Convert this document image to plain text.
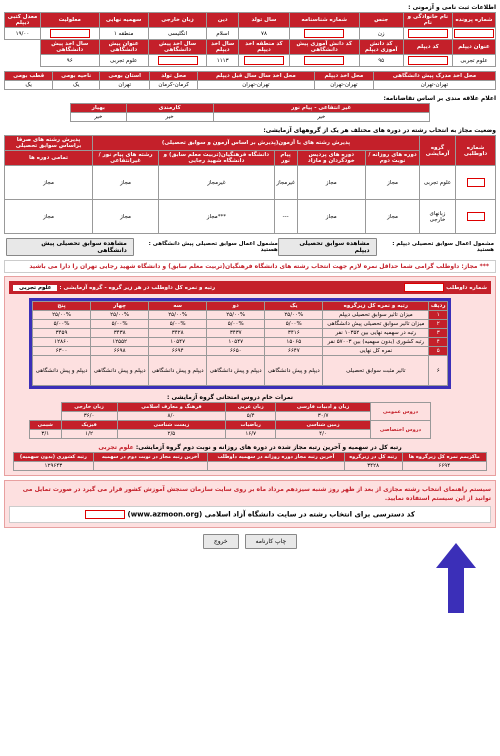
اطلاعات ثبت نامی و آزمونی :
شماره پرونده	نام خانوادگی و نام	جنس	شماره شناسنامه	سال تولد	دین	زبان خارجی	سهمیه نهایی	معلولیت	معدل کتبی دیپلم
		زن		۷۸	اسلام	انگلیسی	منطقه ۱		۱۹/۰۰
عنوان دیپلم	کد دیپلم	کد دانش آموزی دیپلم	کد دانش آموزی پیش دانشگاهی	کد منطقه اخذ دیپلم	سال اخذ دیپلم	سال اخذ پیش دانشگاهی	عنوان پیش دانشگاهی	سال اخذ پیش دانشگاهی	
علوم تجربی		۹۵			۱۱۱۳		علوم تجربی	۹۶	
محل اخذ مدرک پیش دانشگاهی	محل اخذ دیپلم	محل اخذ سال سال قبل دیپلم	محل تولد	استان بومی	ناحیه بومی	قطب بومی
تهران-تهران	تهران-تهران	تهران-تهران	کرمان-کرمان	تهران	یک	یک
اعلام علاقه مندی بر اساس تقاضانامه:
غیر انتفاعی - پیام نور	کارمندی	بهیار
خیر	خیر	خیر
وضعیت مجاز به انتخاب رشته در دوره های مختلف هر یک از گروههای آزمایشی:
شماره داوطلبی	گروه آزمایشی	پذیرش رشته های با آزمون(پذیرش بر اساس آزمون و سوابق تحصیلی)					پذیرش رشته های صرفا براساس سوابق تحصیلی
		دوره های روزانه / نوبت دوم	دوره های پردیس خودگردان و مازاد	پیام نور	دانشگاه فرهنگیان(تربیت معلم سابق) و دانشگاه شهید رجایی	رشته های پیام نور / غیرانتفاعی	تمامی دوره ها
	علوم تجربی	مجاز	مجاز	غیرمجاز	غیرمجاز	مجاز	مجاز
	زبانهای خارجی	مجاز	مجاز	---	***مجاز	مجاز	مجاز
مشمول اعمال سوابق تحصیلی دیپلم : هستید
مشاهده سوابق تحصیلی دیپلم
مشمول اعمال سوابق تحصیلی پیش دانشگاهی : هستید
مشاهده سوابق تحصیلی پیش دانشگاهی
*** مجاز: داوطلب گرامی شما حداقل نمره لازم جهت انتخاب رشته های دانشگاه فرهنگیان(تربیت معلم سابق) و دانشگاه شهید رجایی تهران را دارا می باشید
شماره داوطلب
رتبه و نمره کل داوطلب در هر زیر گروه - گروه آزمایشی : علوم تجربی
ردیف	رتبه و نمره کل زیرگروه	یک	دو	سه	چهار	پنج
۱	میزان تاثیر سوابق تحصیلی دیپلم	۲۵/۰۰%	۲۵/۰۰%	۲۵/۰۰%	۲۵/۰۰%	۲۵/۰۰%
۲	میزان تاثیر سوابق تحصیلی پیش دانشگاهی	۵/۰۰%	۵/۰۰%	۵/۰۰%	۵/۰۰%	۵/۰۰%
۳	رتبه در سهمیه نهایی بین ۱۰۳۵۲ نفر	۳۴۱۶	۳۴۳۷	۳۴۲۸	۳۴۳۸	۳۴۵۹
۴	رتبه کشوری (بدون سهمیه) بین ۵۷۰۰۳ نفر	۱۵۰۶۵	۱۰۵۴۷	۱۰۵۴۷	۱۲۵۵۲	۱۲۸۶۰
۵	نمره کل نهایی	۶۶۴۷	۶۶۵۰	۶۶۹۴	۶۶۹۸	۶۳۰۰
۶	تاثیر مثبت سوابق تحصیلی	دیپلم و پیش دانشگاهی	دیپلم و پیش دانشگاهی	دیپلم و پیش دانشگاهی	دیپلم و پیش دانشگاهی	دیپلم و پیش دانشگاهی
نمرات خام دروس امتحانی گروه آزمایشی :
دروس عمومی	زبان و ادبیات فارسی	زبان عربی	فرهنگ و معارف اسلامی	زبان خارجی	
	۳۰/۷	۵/۴	۸/۰	۳۶/۰	
دروس اختصاصی	زمین شناسی	ریاضیات	زیست شناسی	فیزیک	شیمی
	۴/۰	۱۶/۷	۲/۵	۱/۲	۳/۱
رتبه کل در سهمیه و آخرین رتبه مجاز شده در دوره های روزانه و نوبت دوم گروه آزمایشی: علوم تجربی
ماکزیمم نمره کل زیرگروه ها	رتبه کل در زیرگروه	آخرین رتبه مجاز دوره روزانه در سهمیه داوطلب	آخرین رتبه مجاز در نوبت دوم در سهمیه	رتبه کشوری (بدون سهمیه)
۶۶۹۴	۳۴۲۸			۱۲۹۶۴۳

سیستم راهنمای انتخاب رشته مجازی از بعد از ظهر روز شنبه سیزدهم مرداد ماه بر روی سایت سازمان سنجش آموزش کشور قرار می گیرد در صورت تمایل می توانید از این سیستم استفاده نمایید.

کد دسترسی برای انتخاب رشته در سایت دانشگاه آزاد اسلامی (www.azmoon.org)
چاپ کارنامه خروج
